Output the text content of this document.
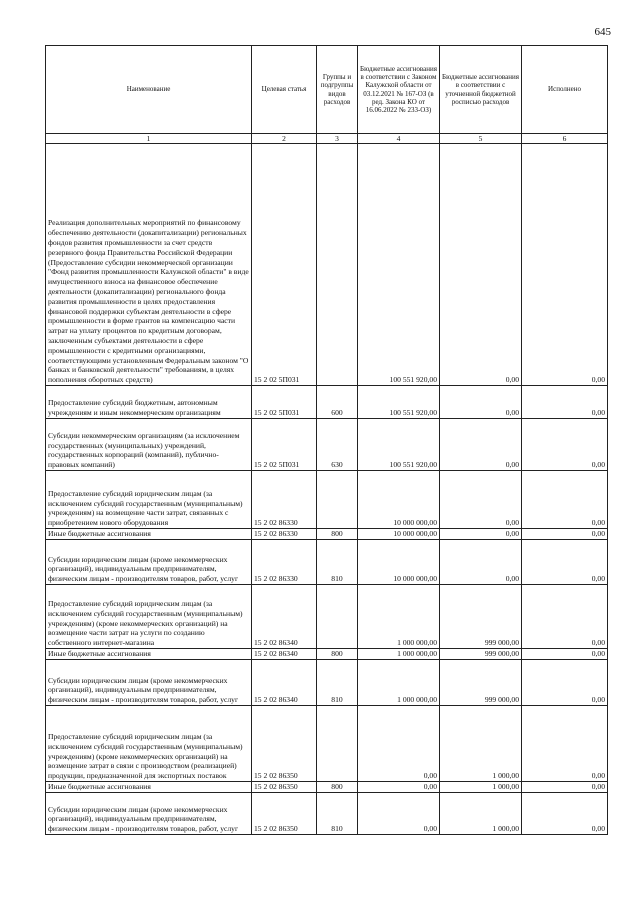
645
Наименование	Целевая статья	Группы и подгруппы видов расходов	Бюджетные ассигнования в соответствии с Законом Калужской области от 03.12.2021 № 167-ОЗ (в ред. Закона КО от 16.06.2022 № 233-ОЗ)	Бюджетные ассигнования в соответствии с уточненной бюджетной росписью расходов	Исполнено
1	2	3	4	5	6
Реализация дополнительных мероприятий по финансовому обеспечению деятельности (докапитализации) региональных фондов развития промышленности за счет средств резервного фонда Правительства Российской Федерации (Предоставление субсидии некоммерческой организации "Фонд развития промышленности Калужской области" в виде имущественного взноса на финансовое обеспечение деятельности (докапитализации) регионального фонда развития промышленности в целях предоставления финансовой поддержки субъектам деятельности в сфере промышленности в форме грантов на компенсацию части затрат на уплату процентов по кредитным договорам, заключенным субъектами деятельности в сфере промышленности с кредитными организациями, соответствующими установленным Федеральным законом "О банках и банковской деятельности" требованиям, в целях пополнения оборотных средств)	15 2 02 5П031		100 551 920,00	0,00	0,00
Предоставление субсидий бюджетным, автономным учреждениям и иным некоммерческим организациям	15 2 02 5П031	600	100 551 920,00	0,00	0,00
Субсидии некоммерческим организациям (за исключением государственных (муниципальных) учреждений, государственных корпораций (компаний), публично-правовых компаний)	15 2 02 5П031	630	100 551 920,00	0,00	0,00
Предоставление субсидий юридическим лицам (за исключением субсидий государственным (муниципальным) учреждениям) на возмещение части затрат, связанных с приобретением нового оборудования	15 2 02 86330		10 000 000,00	0,00	0,00
Иные бюджетные ассигнования	15 2 02 86330	800	10 000 000,00	0,00	0,00
Субсидии юридическим лицам (кроме некоммерческих организаций), индивидуальным предпринимателям, физическим лицам - производителям товаров, работ, услуг	15 2 02 86330	810	10 000 000,00	0,00	0,00
Предоставление субсидий юридическим лицам (за исключением субсидий государственным (муниципальным) учреждениям) (кроме некоммерческих организаций) на возмещение части затрат на услуги по созданию собственного интернет-магазина	15 2 02 86340		1 000 000,00	999 000,00	0,00
Иные бюджетные ассигнования	15 2 02 86340	800	1 000 000,00	999 000,00	0,00
Субсидии юридическим лицам (кроме некоммерческих организаций), индивидуальным предпринимателям, физическим лицам - производителям товаров, работ, услуг	15 2 02 86340	810	1 000 000,00	999 000,00	0,00
Предоставление субсидий юридическим лицам (за исключением субсидий государственным (муниципальным) учреждениям) (кроме некоммерческих организаций) на возмещение затрат в связи с производством (реализацией) продукции, предназначенной для экспортных поставок	15 2 02 86350		0,00	1 000,00	0,00
Иные бюджетные ассигнования	15 2 02 86350	800	0,00	1 000,00	0,00
Субсидии юридическим лицам (кроме некоммерческих организаций), индивидуальным предпринимателям, физическим лицам - производителям товаров, работ, услуг	15 2 02 86350	810	0,00	1 000,00	0,00
